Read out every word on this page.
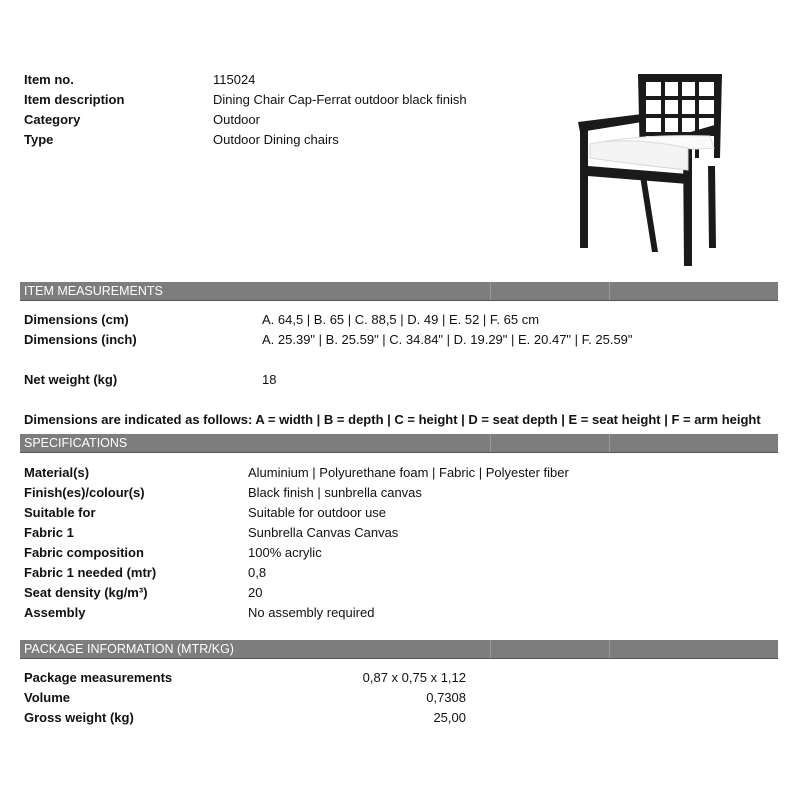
Item no.	115024
Item description	Dining Chair Cap-Ferrat outdoor black finish
Category	Outdoor
Type	Outdoor Dining chairs
ITEM MEASUREMENTS
Dimensions (cm)	A. 64,5 | B. 65 | C. 88,5 | D. 49 | E. 52 | F. 65 cm
Dimensions (inch)	A. 25.39" | B. 25.59" | C. 34.84" | D. 19.29" | E. 20.47" | F. 25.59"
Net weight (kg)	18
Dimensions are indicated as follows: A = width | B = depth | C = height | D = seat depth | E = seat height | F = arm height
SPECIFICATIONS
Material(s)	Aluminium | Polyurethane foam | Fabric | Polyester fiber
Finish(es)/colour(s)	Black finish | sunbrella canvas
Suitable for	Suitable for outdoor use
Fabric 1	Sunbrella Canvas Canvas
Fabric composition	100% acrylic
Fabric 1 needed (mtr)	0,8
Seat density (kg/m³)	20
Assembly	No assembly required
PACKAGE INFORMATION (MTR/KG)
Package measurements	0,87 x 0,75 x 1,12
Volume	0,7308
Gross weight (kg)	25,00
